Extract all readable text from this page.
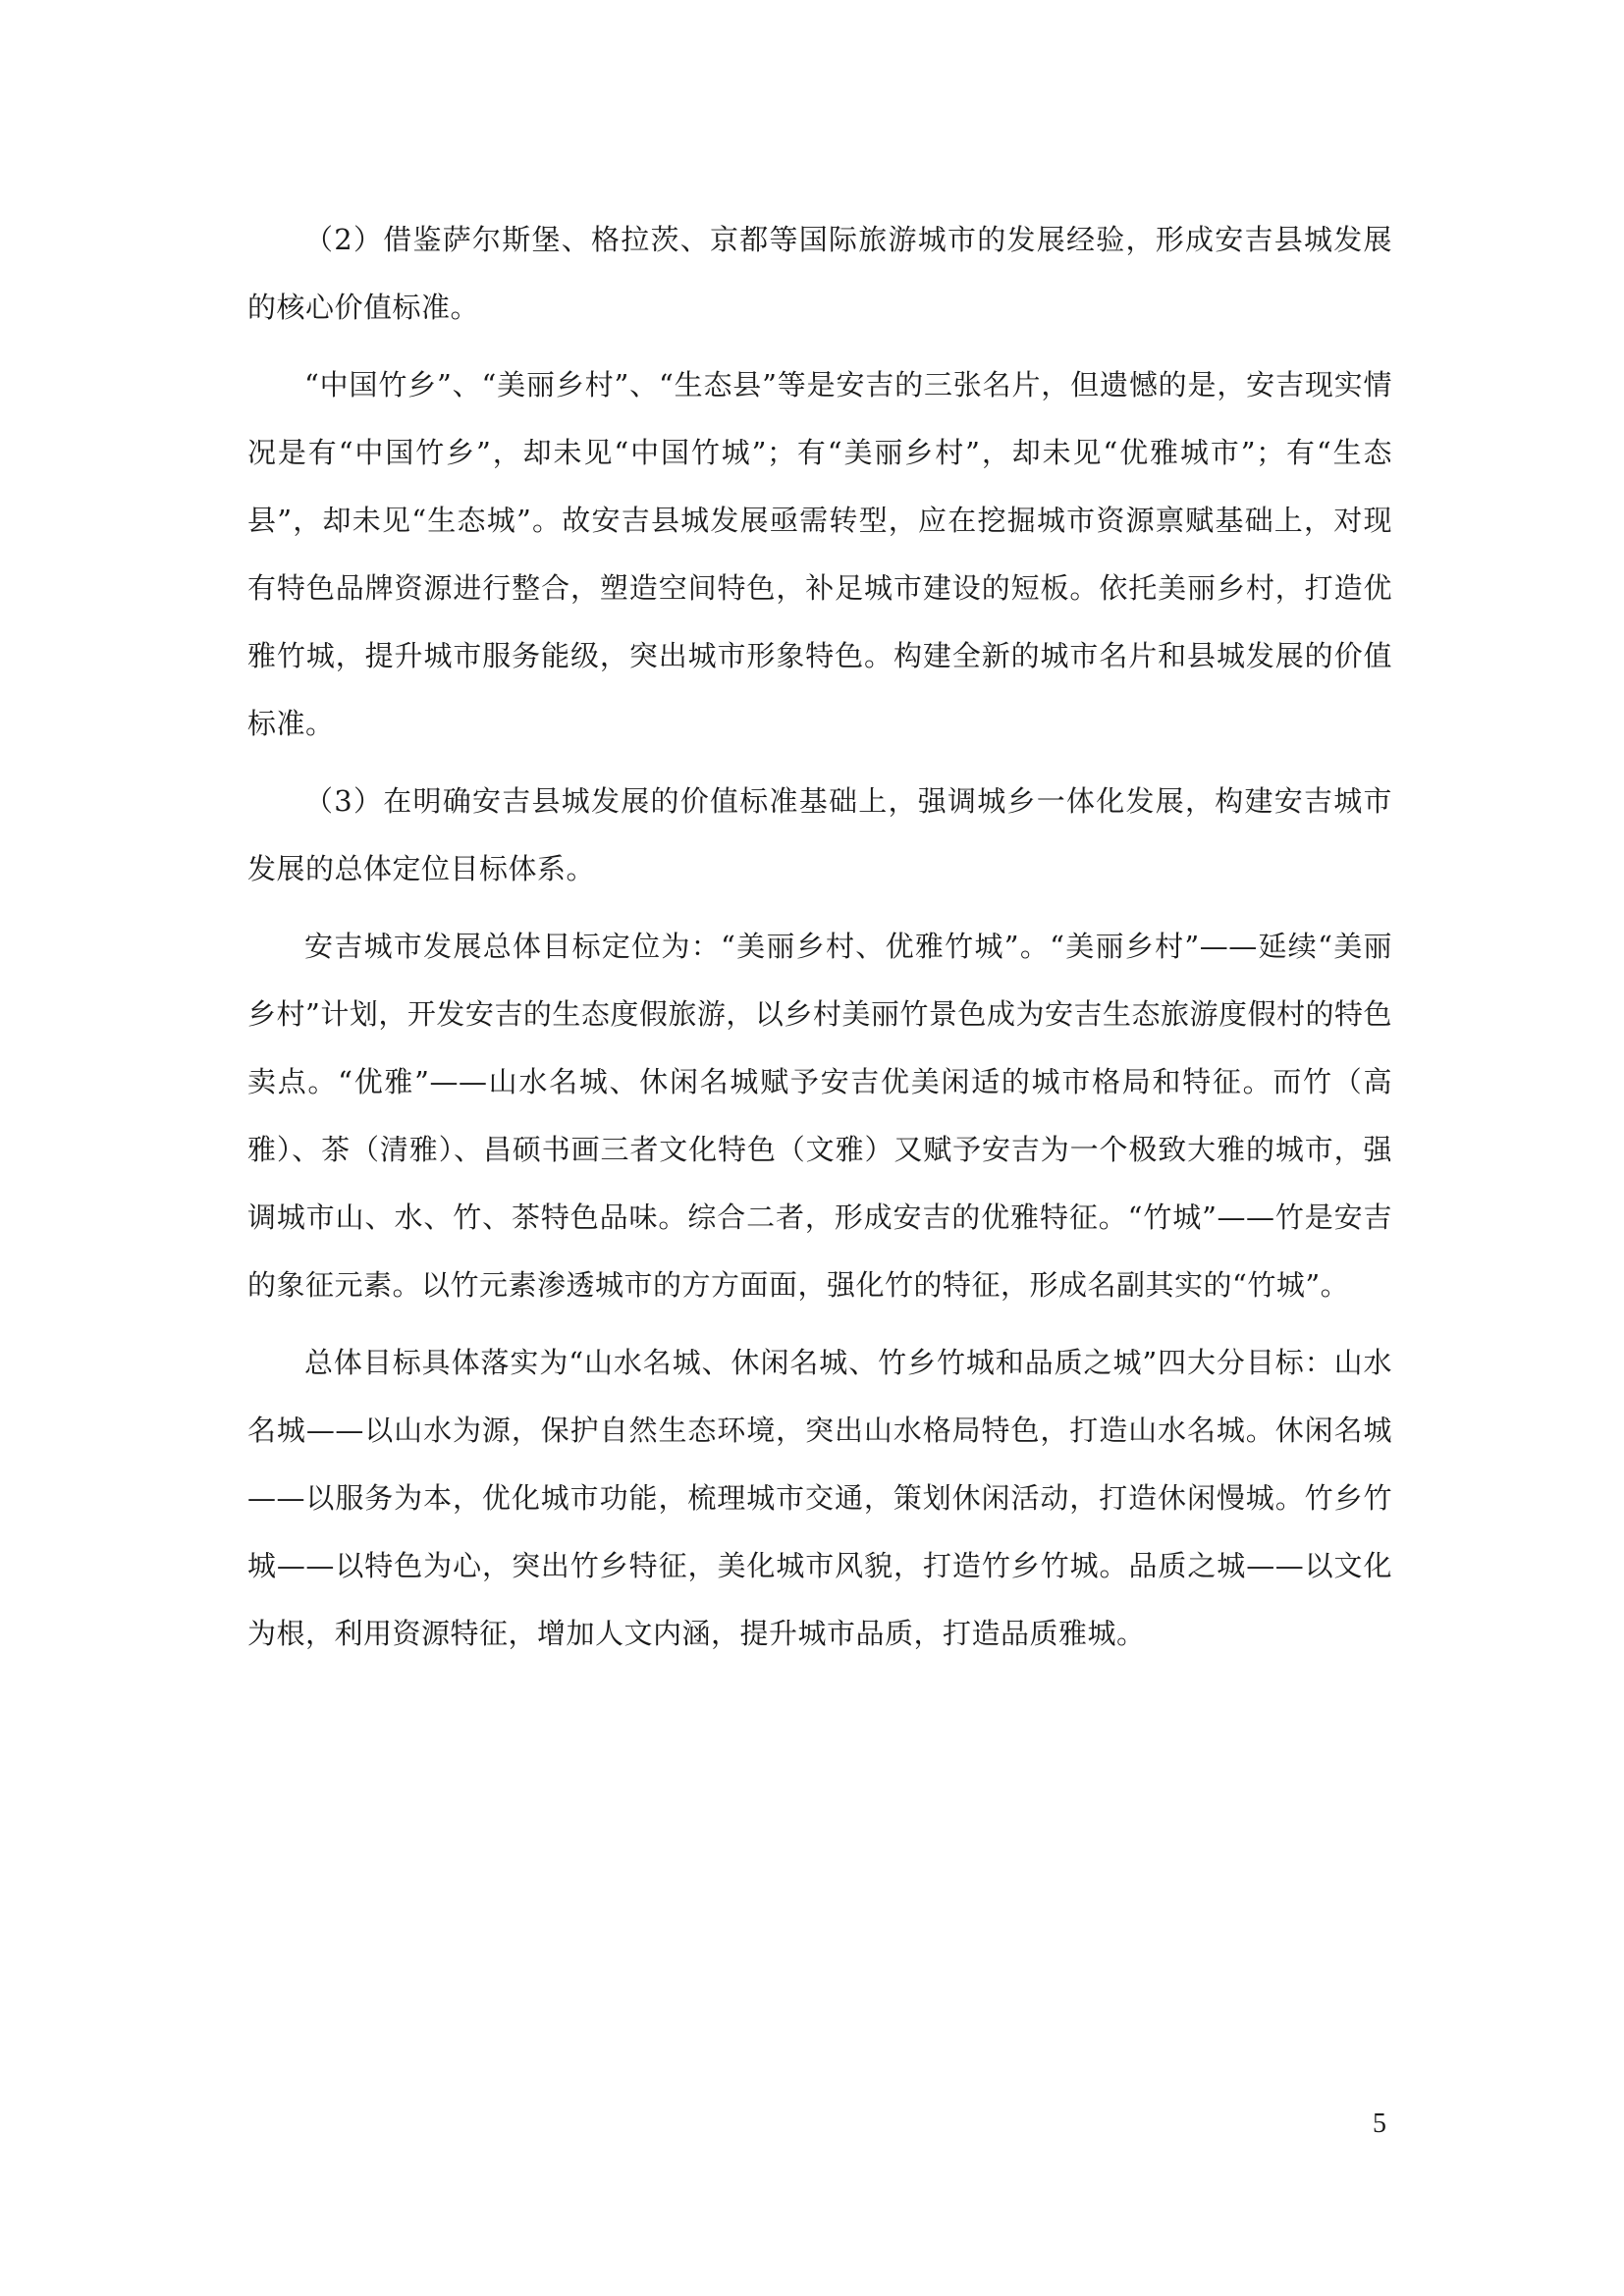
（2）借鉴萨尔斯堡、格拉茨、京都等国际旅游城市的发展经验，形成安吉县城发展的核心价值标准。

“中国竹乡”、“美丽乡村”、“生态县”等是安吉的三张名片，但遗憾的是，安吉现实情况是有“中国竹乡”，却未见“中国竹城”；有“美丽乡村”，却未见“优雅城市”；有“生态县”，却未见“生态城”。故安吉县城发展亟需转型，应在挖掘城市资源禀赋基础上，对现有特色品牌资源进行整合，塑造空间特色，补足城市建设的短板。依托美丽乡村，打造优雅竹城，提升城市服务能级，突出城市形象特色。构建全新的城市名片和县城发展的价值标准。

（3）在明确安吉县城发展的价值标准基础上，强调城乡一体化发展，构建安吉城市发展的总体定位目标体系。

安吉城市发展总体目标定位为：“美丽乡村、优雅竹城”。“美丽乡村”——延续“美丽乡村”计划，开发安吉的生态度假旅游，以乡村美丽竹景色成为安吉生态旅游度假村的特色卖点。“优雅”——山水名城、休闲名城赋予安吉优美闲适的城市格局和特征。而竹（高雅）、茶（清雅）、昌硕书画三者文化特色（文雅）又赋予安吉为一个极致大雅的城市，强调城市山、水、竹、茶特色品味。综合二者，形成安吉的优雅特征。“竹城”——竹是安吉的象征元素。以竹元素渗透城市的方方面面，强化竹的特征，形成名副其实的“竹城”。

总体目标具体落实为“山水名城、休闲名城、竹乡竹城和品质之城”四大分目标：山水名城——以山水为源，保护自然生态环境，突出山水格局特色，打造山水名城。休闲名城——以服务为本，优化城市功能，梳理城市交通，策划休闲活动，打造休闲慢城。竹乡竹城——以特色为心，突出竹乡特征，美化城市风貌，打造竹乡竹城。品质之城——以文化为根，利用资源特征，增加人文内涵，提升城市品质，打造品质雅城。

5
